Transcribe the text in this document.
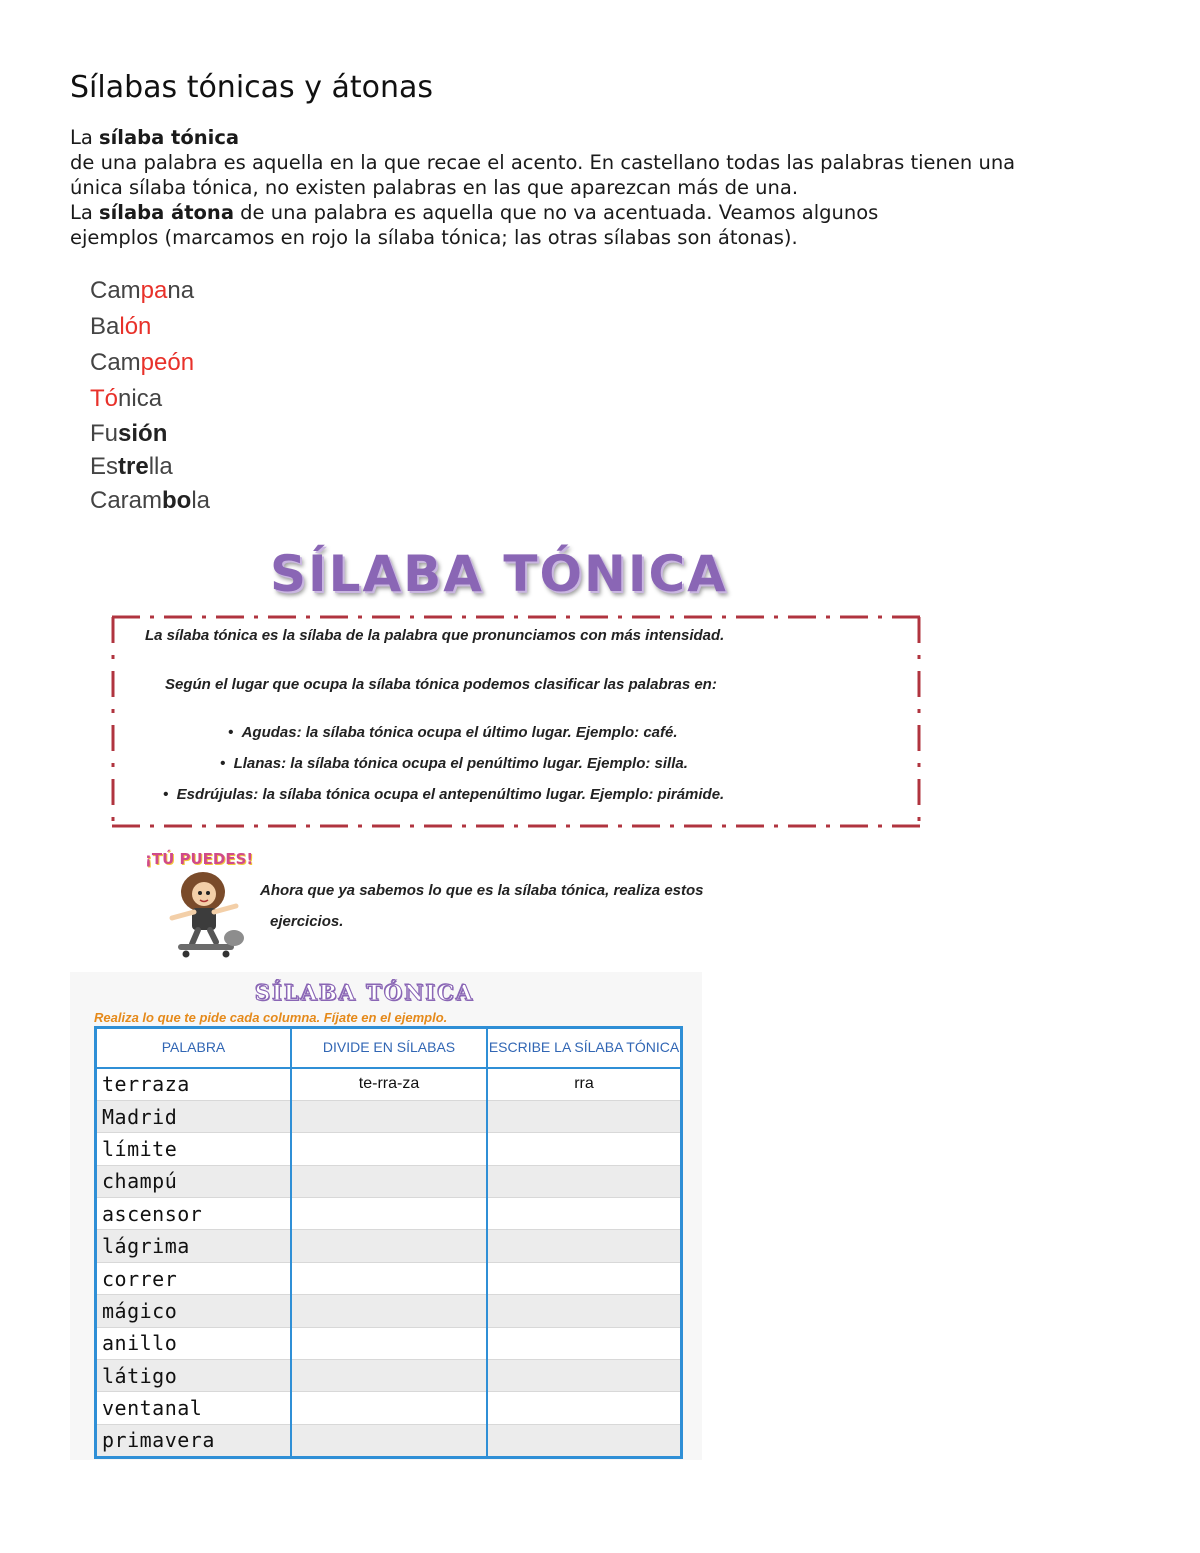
Sílabas tónicas y átonas
La sílaba tónica
de una palabra es aquella en la que recae el acento. En castellano todas las palabras tienen una
única sílaba tónica, no existen palabras en las que aparezcan más de una.
La sílaba átona de una palabra es aquella que no va acentuada. Veamos algunos
ejemplos (marcamos en rojo la sílaba tónica; las otras sílabas son átonas).
Campana
Balón
Campeón
Tónica
Fusión
Estrella
Carambola
SÍLABA TÓNICA
La sílaba tónica es la sílaba de la palabra que pronunciamos con más intensidad.
Según el lugar que ocupa la sílaba tónica podemos clasificar las palabras en:
•  Agudas: la sílaba tónica ocupa el último lugar. Ejemplo: café.
•  Llanas: la sílaba tónica ocupa el penúltimo lugar. Ejemplo: silla.
•  Esdrújulas: la sílaba tónica ocupa el antepenúltimo lugar. Ejemplo: pirámide.
¡TÚ PUEDES!
Ahora que ya sabemos lo que es la sílaba tónica, realiza estos
ejercicios.
SÍLABA TÓNICA
Realiza lo que te pide cada columna. Fíjate en el ejemplo.
PALABRA	DIVIDE EN SÍLABAS	ESCRIBE LA SÍLABA TÓNICA
terraza	te-rra-za	rra
Madrid		
límite		
champú		
ascensor		
lágrima		
correr		
mágico		
anillo		
látigo		
ventanal		
primavera		
